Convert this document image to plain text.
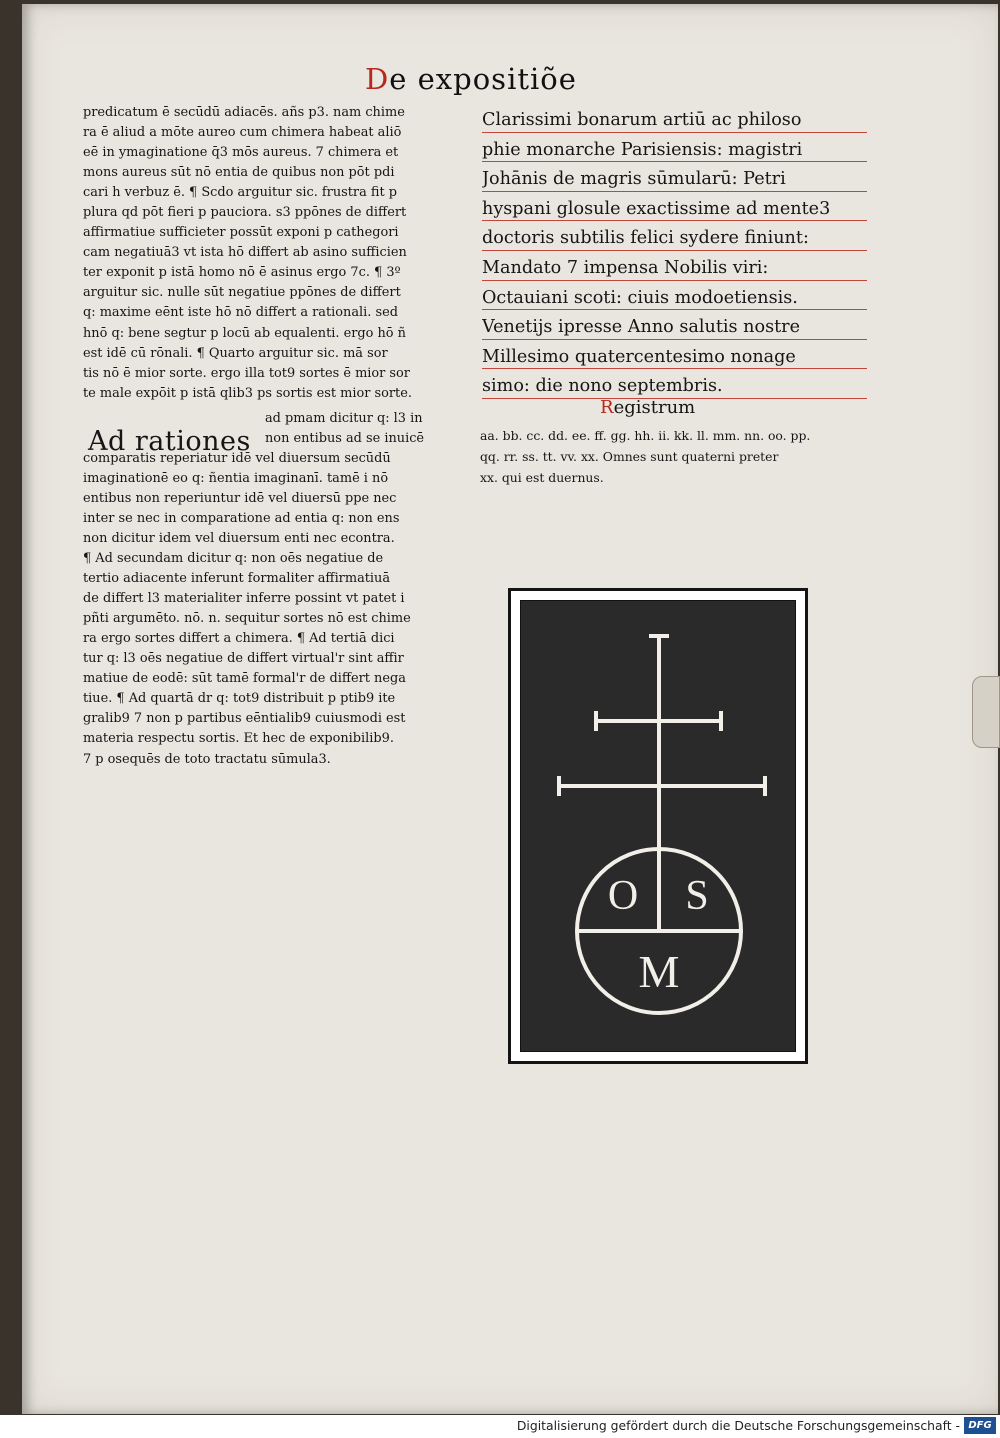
De expositiõe
predicatum ē secūdū adiacēs. añs p3. nam chime
ra ē aliud a mōte aureo cum chimera habeat aliō
eē in ymaginatione q̄3 mōs aureus. 7 chimera et
mons aureus sūt nō entia de quibus non pōt pdi
cari h verbuz ē. ¶ Scdo arguitur sic. frustra fit p
plura qd pōt fieri p pauciora. s3 ppōnes de differt
affirmatiue sufficieter possūt exponi p cathegori
cam negatiuā3 vt ista hō differt ab asino sufficien
ter exponit p istā homo nō ē asinus ergo 7c. ¶ 3º
arguitur sic. nulle sūt negatiue ppōnes de differt
q: maxime eēnt iste hō nō differt a rationali. sed
hnō q: bene segtur p locū ab equalenti. ergo hō ñ
est idē cū rōnali. ¶ Quarto arguitur sic. mā sor
tis nō ē mior sorte. ergo illa tot9 sortes ē mior sor
te male expōit p istā qlib3 ps sortis est mior sorte.
ad pmam dicitur q: l3 in
non entibus ad se inuicē
comparatis reperiatur idē vel diuersum secūdū
imaginationē eo q: ñentia imaginanī. tamē i nō
entibus non reperiuntur idē vel diuersū ppe nec
inter se nec in comparatione ad entia q: non ens
non dicitur idem vel diuersum enti nec econtra.
¶ Ad secundam dicitur q: non oēs negatiue de
tertio adiacente inferunt formaliter affirmatiuā
de differt l3 materialiter inferre possint vt patet i
pñti argumēto. nō. n. sequitur sortes nō est chime
ra ergo sortes differt a chimera. ¶ Ad tertiā dici
tur q: l3 oēs negatiue de differt virtual'r sint affir
matiue de eodē: sūt tamē formal'r de differt nega
tiue. ¶ Ad quartā dr q: tot9 distribuit p ptib9 ite
gralib9 7 non p partibus eēntialib9 cuiusmodi est
materia respectu sortis. Et hec de exponibilib9.
7 p osequēs de toto tractatu sūmula3.
Ad rationes
Clarissimi bonarum artiū ac philoso
phie monarche Parisiensis: magistri
Johānis de magris sūmularū: Petri
hyspani glosule exactissime ad mente3
doctoris subtilis felici sydere finiunt:
Mandato 7 impensa Nobilis viri:
Octauiani scoti: ciuis modoetiensis.
Venetijs ipresse Anno salutis nostre
Millesimo quatercentesimo nonage
simo: die nono septembris.
Registrum
aa. bb. cc. dd. ee. ff. gg. hh. ii. kk. ll. mm. nn. oo. pp.
qq. rr. ss. tt. vv. xx. Omnes sunt quaterni preter
xx. qui est duernus.
O S
M
Digitalisierung gefördert durch die Deutsche Forschungsgemeinschaft - DFG
